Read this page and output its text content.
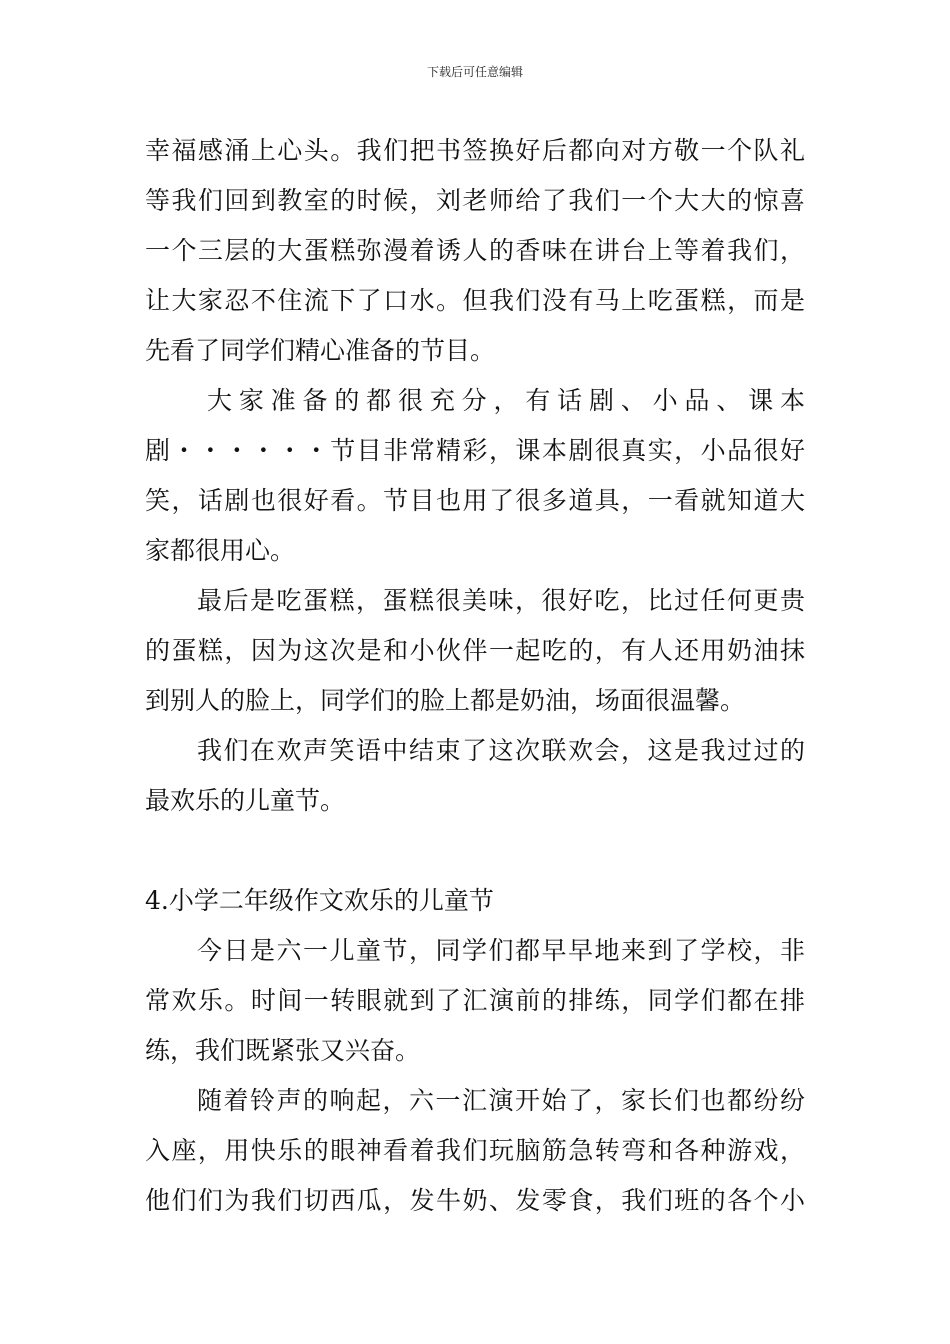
下载后可任意编辑
幸福感涌上心头。我们把书签换好后都向对方敬一个队礼
等我们回到教室的时候，刘老师给了我们一个大大的惊喜
一个三层的大蛋糕弥漫着诱人的香味在讲台上等着我们，
让大家忍不住流下了口水。但我们没有马上吃蛋糕，而是
先看了同学们精心准备的节目。
大家准备的都很充分，有话剧、小品、课本
剧・・・・・・节目非常精彩，课本剧很真实，小品很好
笑，话剧也很好看。节目也用了很多道具，一看就知道大
家都很用心。
最后是吃蛋糕，蛋糕很美味，很好吃，比过任何更贵
的蛋糕，因为这次是和小伙伴一起吃的，有人还用奶油抹
到别人的脸上，同学们的脸上都是奶油，场面很温馨。
我们在欢声笑语中结束了这次联欢会，这是我过过的
最欢乐的儿童节。
4.小学二年级作文欢乐的儿童节
今日是六一儿童节，同学们都早早地来到了学校，非
常欢乐。时间一转眼就到了汇演前的排练，同学们都在排
练，我们既紧张又兴奋。
随着铃声的响起，六一汇演开始了，家长们也都纷纷
入座，用快乐的眼神看着我们玩脑筋急转弯和各种游戏，
他们们为我们切西瓜，发牛奶、发零食，我们班的各个小
